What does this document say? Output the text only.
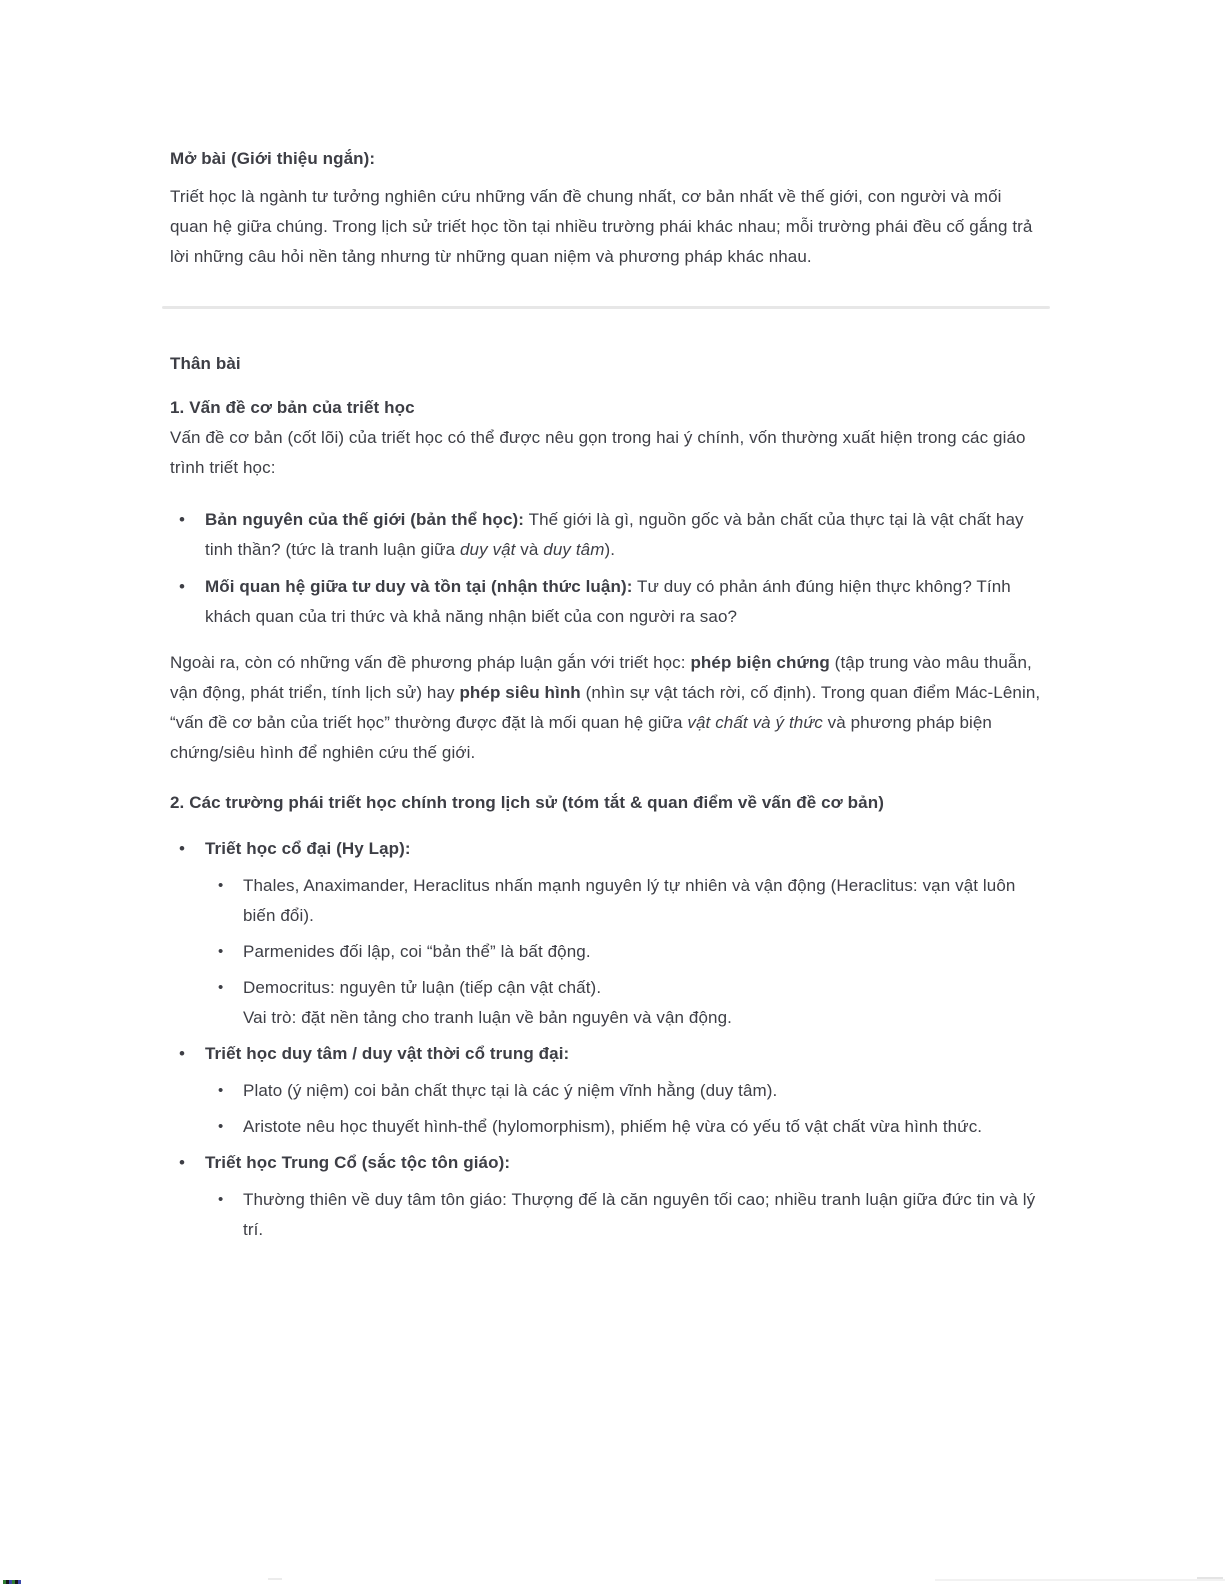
Mở bài (Giới thiệu ngắn):

Triết học là ngành tư tưởng nghiên cứu những vấn đề chung nhất, cơ bản nhất về thế giới, con người và mối quan hệ giữa chúng. Trong lịch sử triết học tồn tại nhiều trường phái khác nhau; mỗi trường phái đều cố gắng trả lời những câu hỏi nền tảng nhưng từ những quan niệm và phương pháp khác nhau.

Thân bài
1. Vấn đề cơ bản của triết học

Vấn đề cơ bản (cốt lõi) của triết học có thể được nêu gọn trong hai ý chính, vốn thường xuất hiện trong các giáo trình triết học:

• Bản nguyên của thế giới (bản thể học): Thế giới là gì, nguồn gốc và bản chất của thực tại là vật chất hay tinh thần? (tức là tranh luận giữa duy vật và duy tâm).
• Mối quan hệ giữa tư duy và tồn tại (nhận thức luận): Tư duy có phản ánh đúng hiện thực không? Tính khách quan của tri thức và khả năng nhận biết của con người ra sao?

Ngoài ra, còn có những vấn đề phương pháp luận gắn với triết học: phép biện chứng (tập trung vào mâu thuẫn, vận động, phát triển, tính lịch sử) hay phép siêu hình (nhìn sự vật tách rời, cố định). Trong quan điểm Mác-Lênin, “vấn đề cơ bản của triết học” thường được đặt là mối quan hệ giữa vật chất và ý thức và phương pháp biện chứng/siêu hình để nghiên cứu thế giới.

2. Các trường phái triết học chính trong lịch sử (tóm tắt & quan điểm về vấn đề cơ bản)
• Triết học cổ đại (Hy Lạp):
• Thales, Anaximander, Heraclitus nhấn mạnh nguyên lý tự nhiên và vận động (Heraclitus: vạn vật luôn biến đổi).
• Parmenides đối lập, coi “bản thể” là bất động.
• Democritus: nguyên tử luận (tiếp cận vật chất).
Vai trò: đặt nền tảng cho tranh luận về bản nguyên và vận động.
• Triết học duy tâm / duy vật thời cổ trung đại:
• Plato (ý niệm) coi bản chất thực tại là các ý niệm vĩnh hằng (duy tâm).
• Aristote nêu học thuyết hình-thể (hylomorphism), phiếm hệ vừa có yếu tố vật chất vừa hình thức.
• Triết học Trung Cổ (sắc tộc tôn giáo):
• Thường thiên về duy tâm tôn giáo: Thượng đế là căn nguyên tối cao; nhiều tranh luận giữa đức tin và lý trí.
